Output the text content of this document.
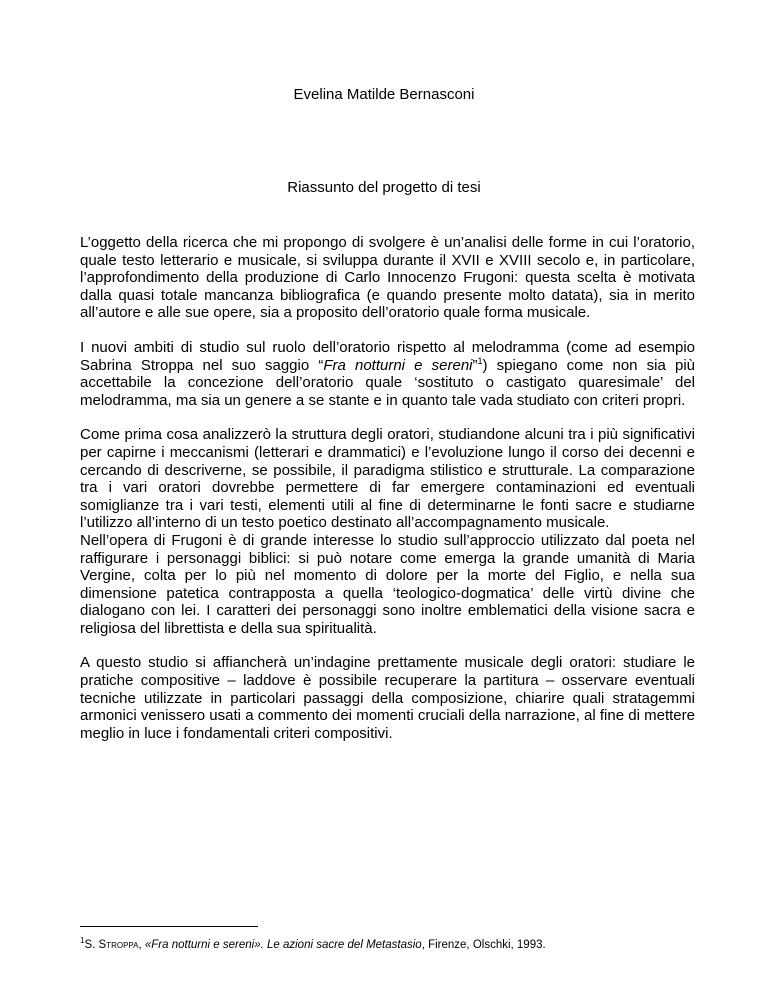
Evelina Matilde Bernasconi
Riassunto del progetto di tesi

L’oggetto della ricerca che mi propongo di svolgere è un’analisi delle forme in cui l’oratorio, quale testo letterario e musicale, si sviluppa durante il XVII e XVIII secolo e, in particolare, l’approfondimento della produzione di Carlo Innocenzo Frugoni: questa scelta è motivata dalla quasi totale mancanza bibliografica (e quando presente molto datata), sia in merito all’autore e alle sue opere, sia a proposito dell’oratorio quale forma musicale.

I nuovi ambiti di studio sul ruolo dell’oratorio rispetto al melodramma (come ad esempio Sabrina Stroppa nel suo saggio “Fra notturni e sereni”$^1$) spiegano come non sia più accettabile la concezione dell’oratorio quale ‘sostituto o castigato quaresimale’ del melodramma, ma sia un genere a se stante e in quanto tale vada studiato con criteri propri.

Come prima cosa analizzerò la struttura degli oratori, studiandone alcuni tra i più significativi per capirne i meccanismi (letterari e drammatici) e l’evoluzione lungo il corso dei decenni e cercando di descriverne, se possibile, il paradigma stilistico e strutturale. La comparazione tra i vari oratori dovrebbe permettere di far emergere contaminazioni ed eventuali somiglianze tra i vari testi, elementi utili al fine di determinarne le fonti sacre e studiarne l’utilizzo all’interno di un testo poetico destinato all’accompagnamento musicale.

Nell’opera di Frugoni è di grande interesse lo studio sull’approccio utilizzato dal poeta nel raffigurare i personaggi biblici: si può notare come emerga la grande umanità di Maria Vergine, colta per lo più nel momento di dolore per la morte del Figlio, e nella sua dimensione patetica contrapposta a quella ‘teologico-dogmatica’ delle virtù divine che dialogano con lei. I caratteri dei personaggi sono inoltre emblematici della visione sacra e religiosa del librettista e della sua spiritualità.

A questo studio si affiancherà un’indagine prettamente musicale degli oratori: studiare le pratiche compositive – laddove è possibile recuperare la partitura – osservare eventuali tecniche utilizzate in particolari passaggi della composizione, chiarire quali stratagemmi armonici venissero usati a commento dei momenti cruciali della narrazione, al fine di mettere meglio in luce i fondamentali criteri compositivi.

$^1$S. Stroppa, «Fra notturni e sereni». Le azioni sacre del Metastasio, Firenze, Olschki, 1993.
